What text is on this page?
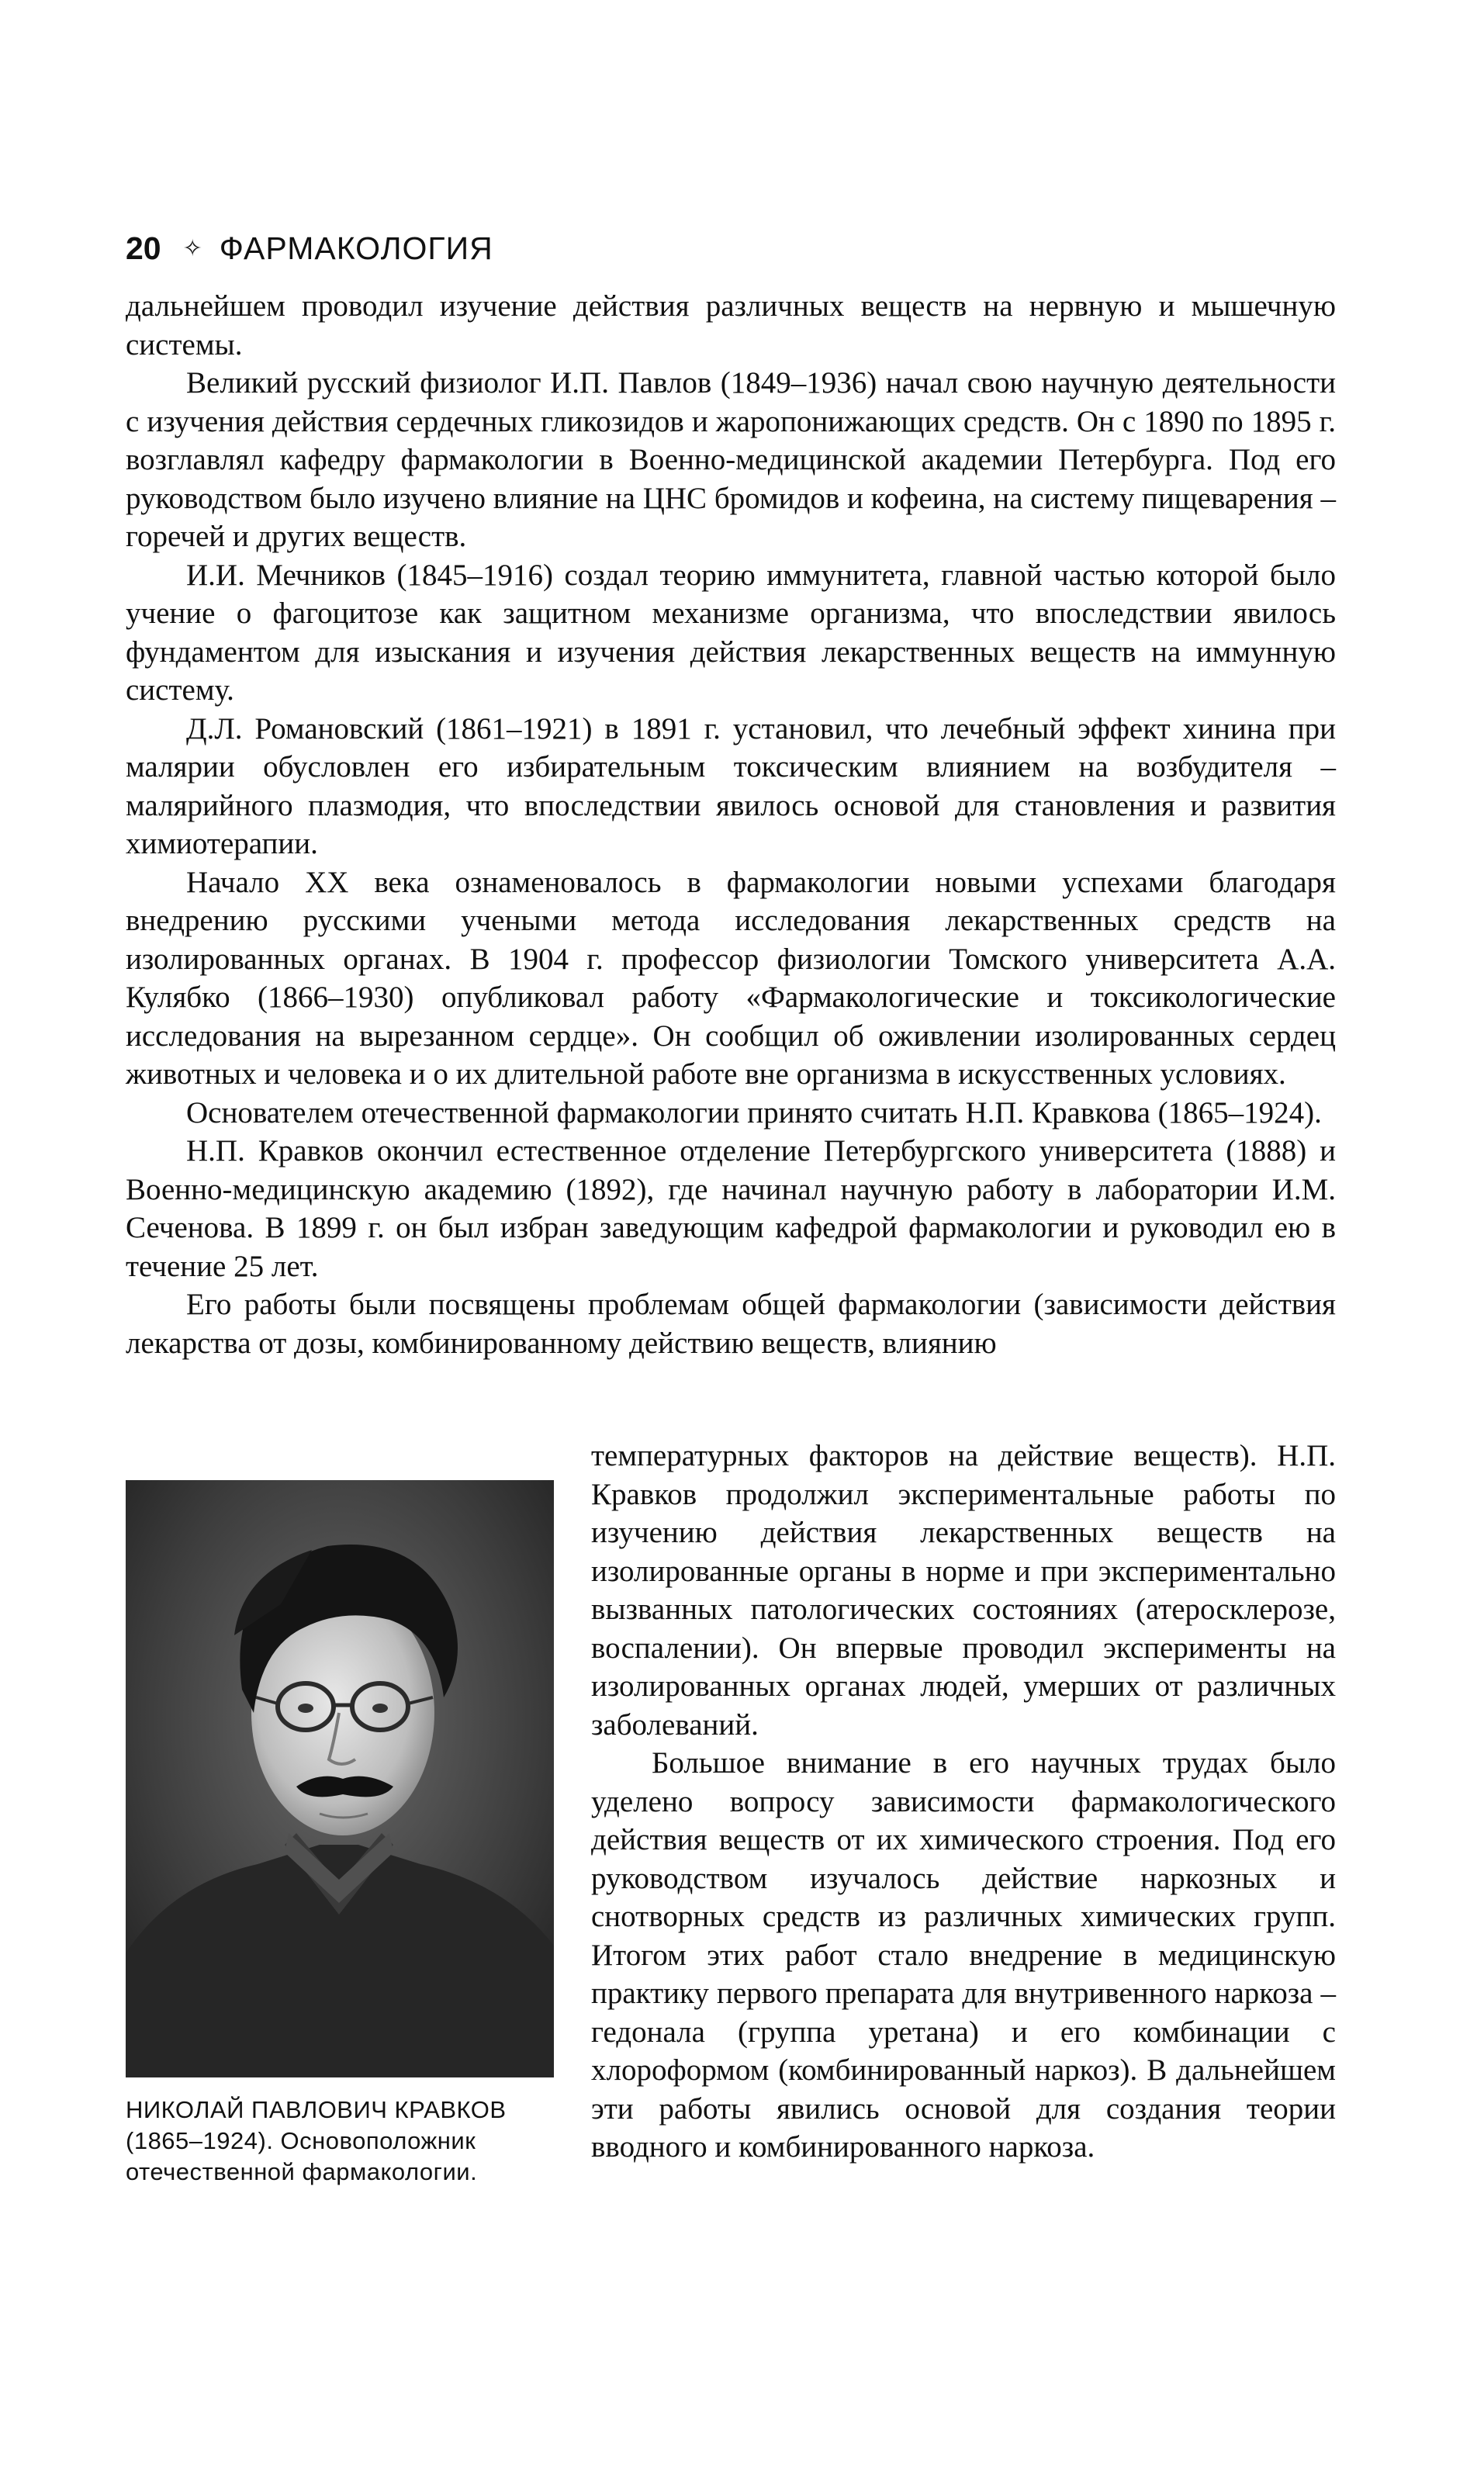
20 ✧ ФАРМАКОЛОГИЯ

дальнейшем проводил изучение действия различных веществ на нервную и мышечную системы.

Великий русский физиолог И.П. Павлов (1849–1936) начал свою научную деятельности с изучения действия сердечных гликозидов и жаропонижающих средств. Он с 1890 по 1895 г. возглавлял кафедру фармакологии в Военно-медицинской академии Петербурга. Под его руководством было изучено влияние на ЦНС бромидов и кофеина, на систему пищеварения – горечей и других веществ.

И.И. Мечников (1845–1916) создал теорию иммунитета, главной частью которой было учение о фагоцитозе как защитном механизме организма, что впоследствии явилось фундаментом для изыскания и изучения действия лекарственных веществ на иммунную систему.

Д.Л. Романовский (1861–1921) в 1891 г. установил, что лечебный эффект хинина при малярии обусловлен его избирательным токсическим влиянием на возбудителя – малярийного плазмодия, что впоследствии явилось основой для становления и развития химиотерапии.

Начало XX века ознаменовалось в фармакологии новыми успехами благодаря внедрению русскими учеными метода исследования лекарственных средств на изолированных органах. В 1904 г. профессор физиологии Томского университета А.А. Кулябко (1866–1930) опубликовал работу «Фармакологические и токсикологические исследования на вырезанном сердце». Он сообщил об оживлении изолированных сердец животных и человека и о их длительной работе вне организма в искусственных условиях.

Основателем отечественной фармакологии принято считать Н.П. Кравкова (1865–1924).

Н.П. Кравков окончил естественное отделение Петербургского университета (1888) и Военно-медицинскую академию (1892), где начинал научную работу в лаборатории И.М. Сеченова. В 1899 г. он был избран заведующим кафедрой фармакологии и руководил ею в течение 25 лет.

Его работы были посвящены проблемам общей фармакологии (зависимости действия лекарства от дозы, комбинированному действию веществ, влиянию

температурных факторов на действие веществ). Н.П. Кравков продолжил экспериментальные работы по изучению действия лекарственных веществ на изолированные органы в норме и при экспериментально вызванных патологических состояниях (атеросклерозе, воспалении). Он впервые проводил эксперименты на изолированных органах людей, умерших от различных заболеваний.

Большое внимание в его научных трудах было уделено вопросу зависимости фармакологического действия веществ от их химического строения. Под его руководством изучалось действие наркозных и снотворных средств из различных химических групп. Итогом этих работ стало внедрение в медицинскую практику первого препарата для внутривенного наркоза – гедонала (группа уретана) и его комбинации с хлороформом (комбинированный наркоз). В дальнейшем эти работы явились основой для создания теории вводного и комбинированного наркоза.

НИКОЛАЙ ПАВЛОВИЧ КРАВКОВ
(1865–1924). Основоположник отечественной фармакологии.
